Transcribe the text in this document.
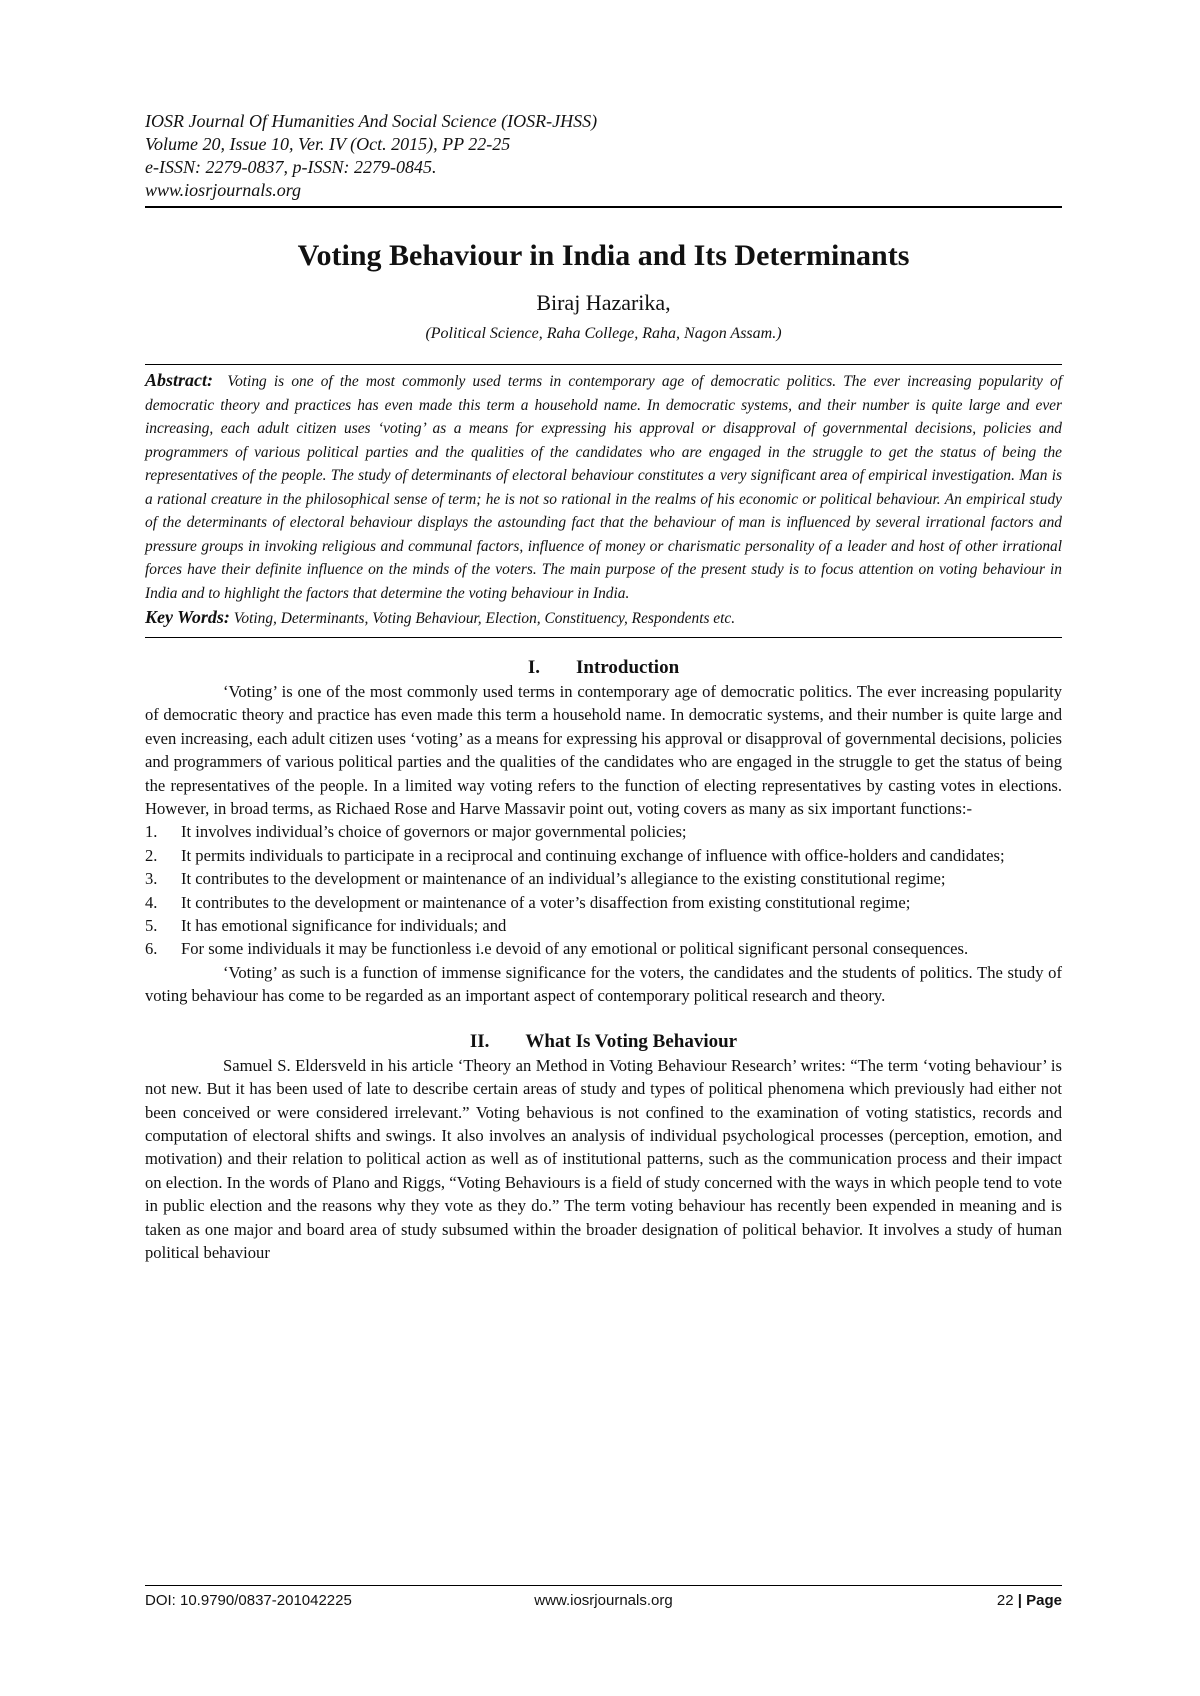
IOSR Journal Of Humanities And Social Science (IOSR-JHSS)
Volume 20, Issue 10, Ver. IV (Oct. 2015), PP 22-25
e-ISSN: 2279-0837, p-ISSN: 2279-0845.
www.iosrjournals.org
Voting Behaviour in India and Its Determinants
Biraj Hazarika,
(Political Science, Raha College, Raha, Nagon Assam.)

Abstract: Voting is one of the most commonly used terms in contemporary age of democratic politics. The ever increasing popularity of democratic theory and practices has even made this term a household name. In democratic systems, and their number is quite large and ever increasing, each adult citizen uses ‘voting’ as a means for expressing his approval or disapproval of governmental decisions, policies and programmers of various political parties and the qualities of the candidates who are engaged in the struggle to get the status of being the representatives of the people. The study of determinants of electoral behaviour constitutes a very significant area of empirical investigation. Man is a rational creature in the philosophical sense of term; he is not so rational in the realms of his economic or political behaviour. An empirical study of the determinants of electoral behaviour displays the astounding fact that the behaviour of man is influenced by several irrational factors and pressure groups in invoking religious and communal factors, influence of money or charismatic personality of a leader and host of other irrational forces have their definite influence on the minds of the voters. The main purpose of the present study is to focus attention on voting behaviour in India and to highlight the factors that determine the voting behaviour in India.

Key Words: Voting, Determinants, Voting Behaviour, Election, Constituency, Respondents etc.

I. Introduction

‘Voting’ is one of the most commonly used terms in contemporary age of democratic politics. The ever increasing popularity of democratic theory and practice has even made this term a household name. In democratic systems, and their number is quite large and even increasing, each adult citizen uses ‘voting’ as a means for expressing his approval or disapproval of governmental decisions, policies and programmers of various political parties and the qualities of the candidates who are engaged in the struggle to get the status of being the representatives of the people. In a limited way voting refers to the function of electing representatives by casting votes in elections. However, in broad terms, as Richaed Rose and Harve Massavir point out, voting covers as many as six important functions:-

1. It involves individual’s choice of governors or major governmental policies;
2. It permits individuals to participate in a reciprocal and continuing exchange of influence with office-holders and candidates;
3. It contributes to the development or maintenance of an individual’s allegiance to the existing constitutional regime;
4. It contributes to the development or maintenance of a voter’s disaffection from existing constitutional regime;
5. It has emotional significance for individuals; and
6. For some individuals it may be functionless i.e devoid of any emotional or political significant personal consequences.

‘Voting’ as such is a function of immense significance for the voters, the candidates and the students of politics. The study of voting behaviour has come to be regarded as an important aspect of contemporary political research and theory.

II. What Is Voting Behaviour

Samuel S. Eldersveld in his article ‘Theory an Method in Voting Behaviour Research’ writes: “The term ‘voting behaviour’ is not new. But it has been used of late to describe certain areas of study and types of political phenomena which previously had either not been conceived or were considered irrelevant.” Voting behavious is not confined to the examination of voting statistics, records and computation of electoral shifts and swings. It also involves an analysis of individual psychological processes (perception, emotion, and motivation) and their relation to political action as well as of institutional patterns, such as the communication process and their impact on election. In the words of Plano and Riggs, “Voting Behaviours is a field of study concerned with the ways in which people tend to vote in public election and the reasons why they vote as they do.” The term voting behaviour has recently been expended in meaning and is taken as one major and board area of study subsumed within the broader designation of political behavior. It involves a study of human political behaviour

DOI: 10.9790/0837-201042225	www.iosrjournals.org	22 | Page
